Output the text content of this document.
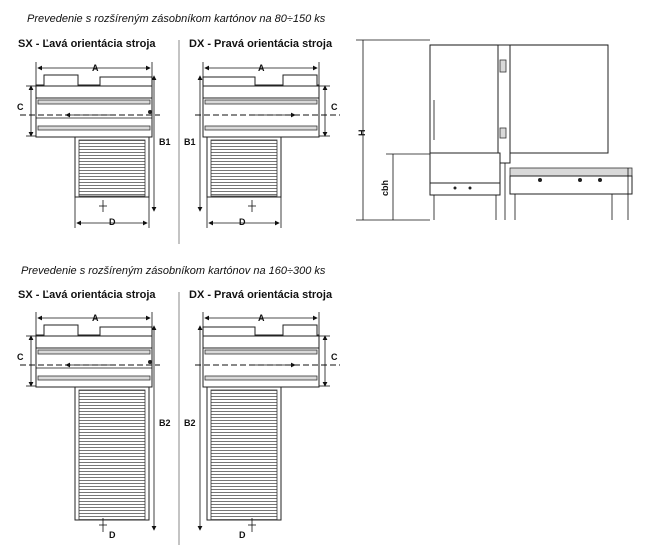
Prevedenie s rozšíreným zásobníkom kartónov na 80÷150 ks
Prevedenie s rozšíreným zásobníkom kartónov na 160÷300 ks
SX - Ľavá orientácia stroja	DX - Pravá orientácia stroja
SX - Ľavá orientácia stroja	DX - Pravá orientácia stroja
A
C
B1
D
A
C
B1
D
H
cbh
A
C
B2
D
A
C
B2
D
